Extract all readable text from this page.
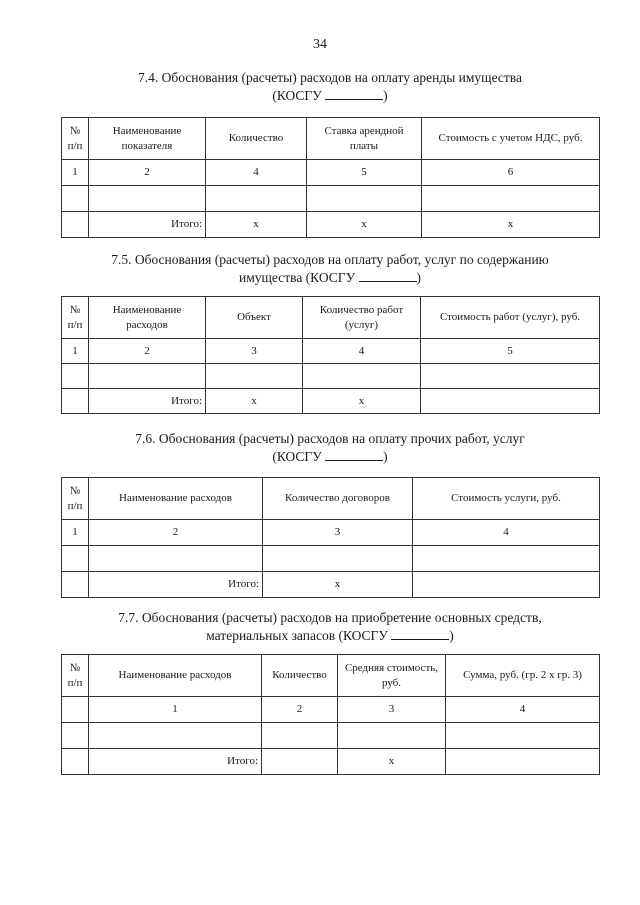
34
7.4. Обоснования (расчеты) расходов на оплату аренды имущества
(КОСГУ	)
№ п/п	Наименование показателя	Количество	Ставка арендной платы	Стоимость с учетом НДС, руб.
1	2	4	5	6

	Итого:	х	х	х
7.5. Обоснования (расчеты) расходов на оплату работ, услуг по содержанию
имущества (КОСГУ	)
№ п/п	Наименование расходов	Объект	Количество работ (услуг)	Стоимость работ (услуг), руб.
1	2	3	4	5

	Итого:	х	х	
7.6. Обоснования (расчеты) расходов на оплату прочих работ, услуг
(КОСГУ	)
№ п/п	Наименование расходов	Количество договоров	Стоимость услуги, руб.
1	2	3	4

	Итого:	х	
7.7. Обоснования (расчеты) расходов на приобретение основных средств,
материальных запасов (КОСГУ	)
№ п/п	Наименование расходов	Количество	Средняя стоимость, руб.	Сумма, руб. (гр. 2 x гр. 3)
	1	2	3	4

	Итого:		х	
